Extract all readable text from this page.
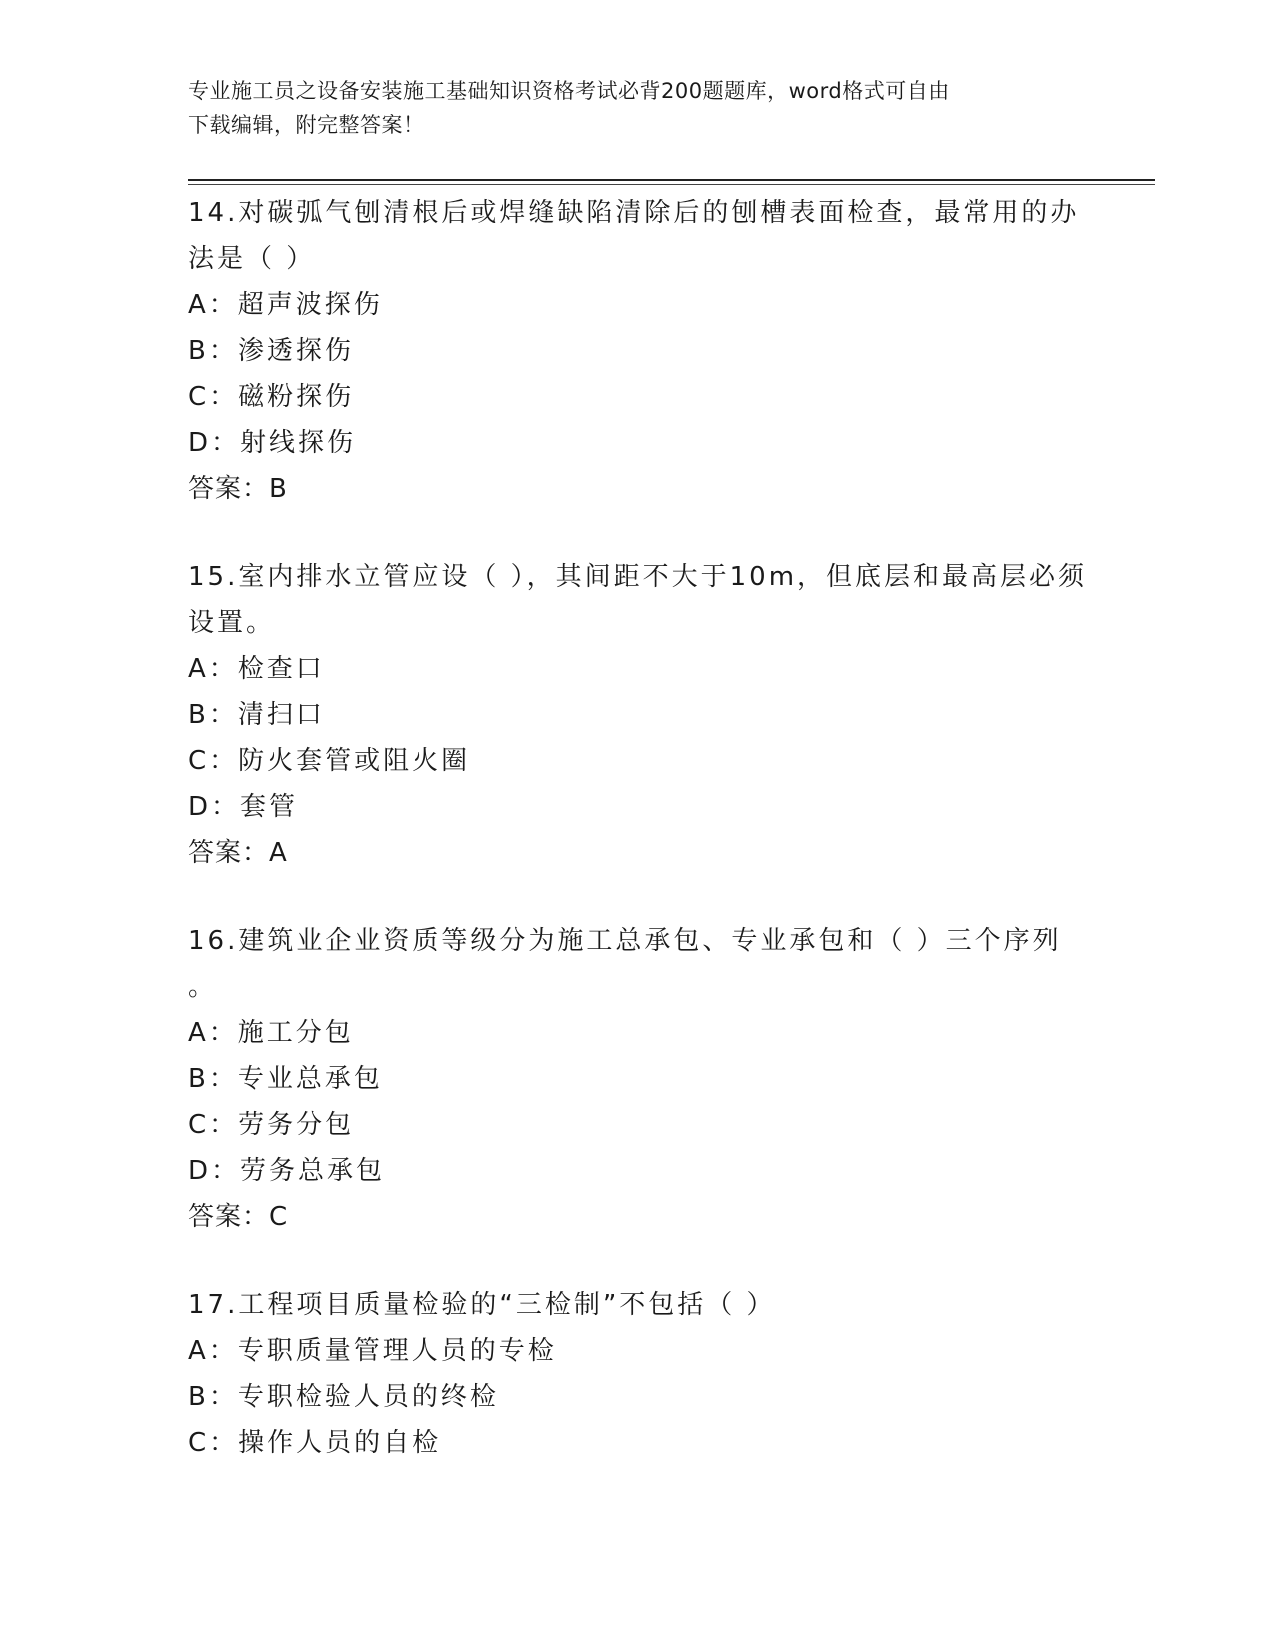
专业施工员之设备安装施工基础知识资格考试必背200题题库，word格式可自由
下载编辑，附完整答案！
14.对碳弧气刨清根后或焊缝缺陷清除后的刨槽表面检查，最常用的办
法是（ ）
A：超声波探伤
B：渗透探伤
C：磁粉探伤
D：射线探伤
答案：B
15.室内排水立管应设（ ），其间距不大于10m，但底层和最高层必须
设置。
A：检查口
B：清扫口
C：防火套管或阻火圈
D：套管
答案：A
16.建筑业企业资质等级分为施工总承包、专业承包和（ ）三个序列
。
A：施工分包
B：专业总承包
C：劳务分包
D：劳务总承包
答案：C
17.工程项目质量检验的“三检制”不包括（ ）
A：专职质量管理人员的专检
B：专职检验人员的终检
C：操作人员的自检
